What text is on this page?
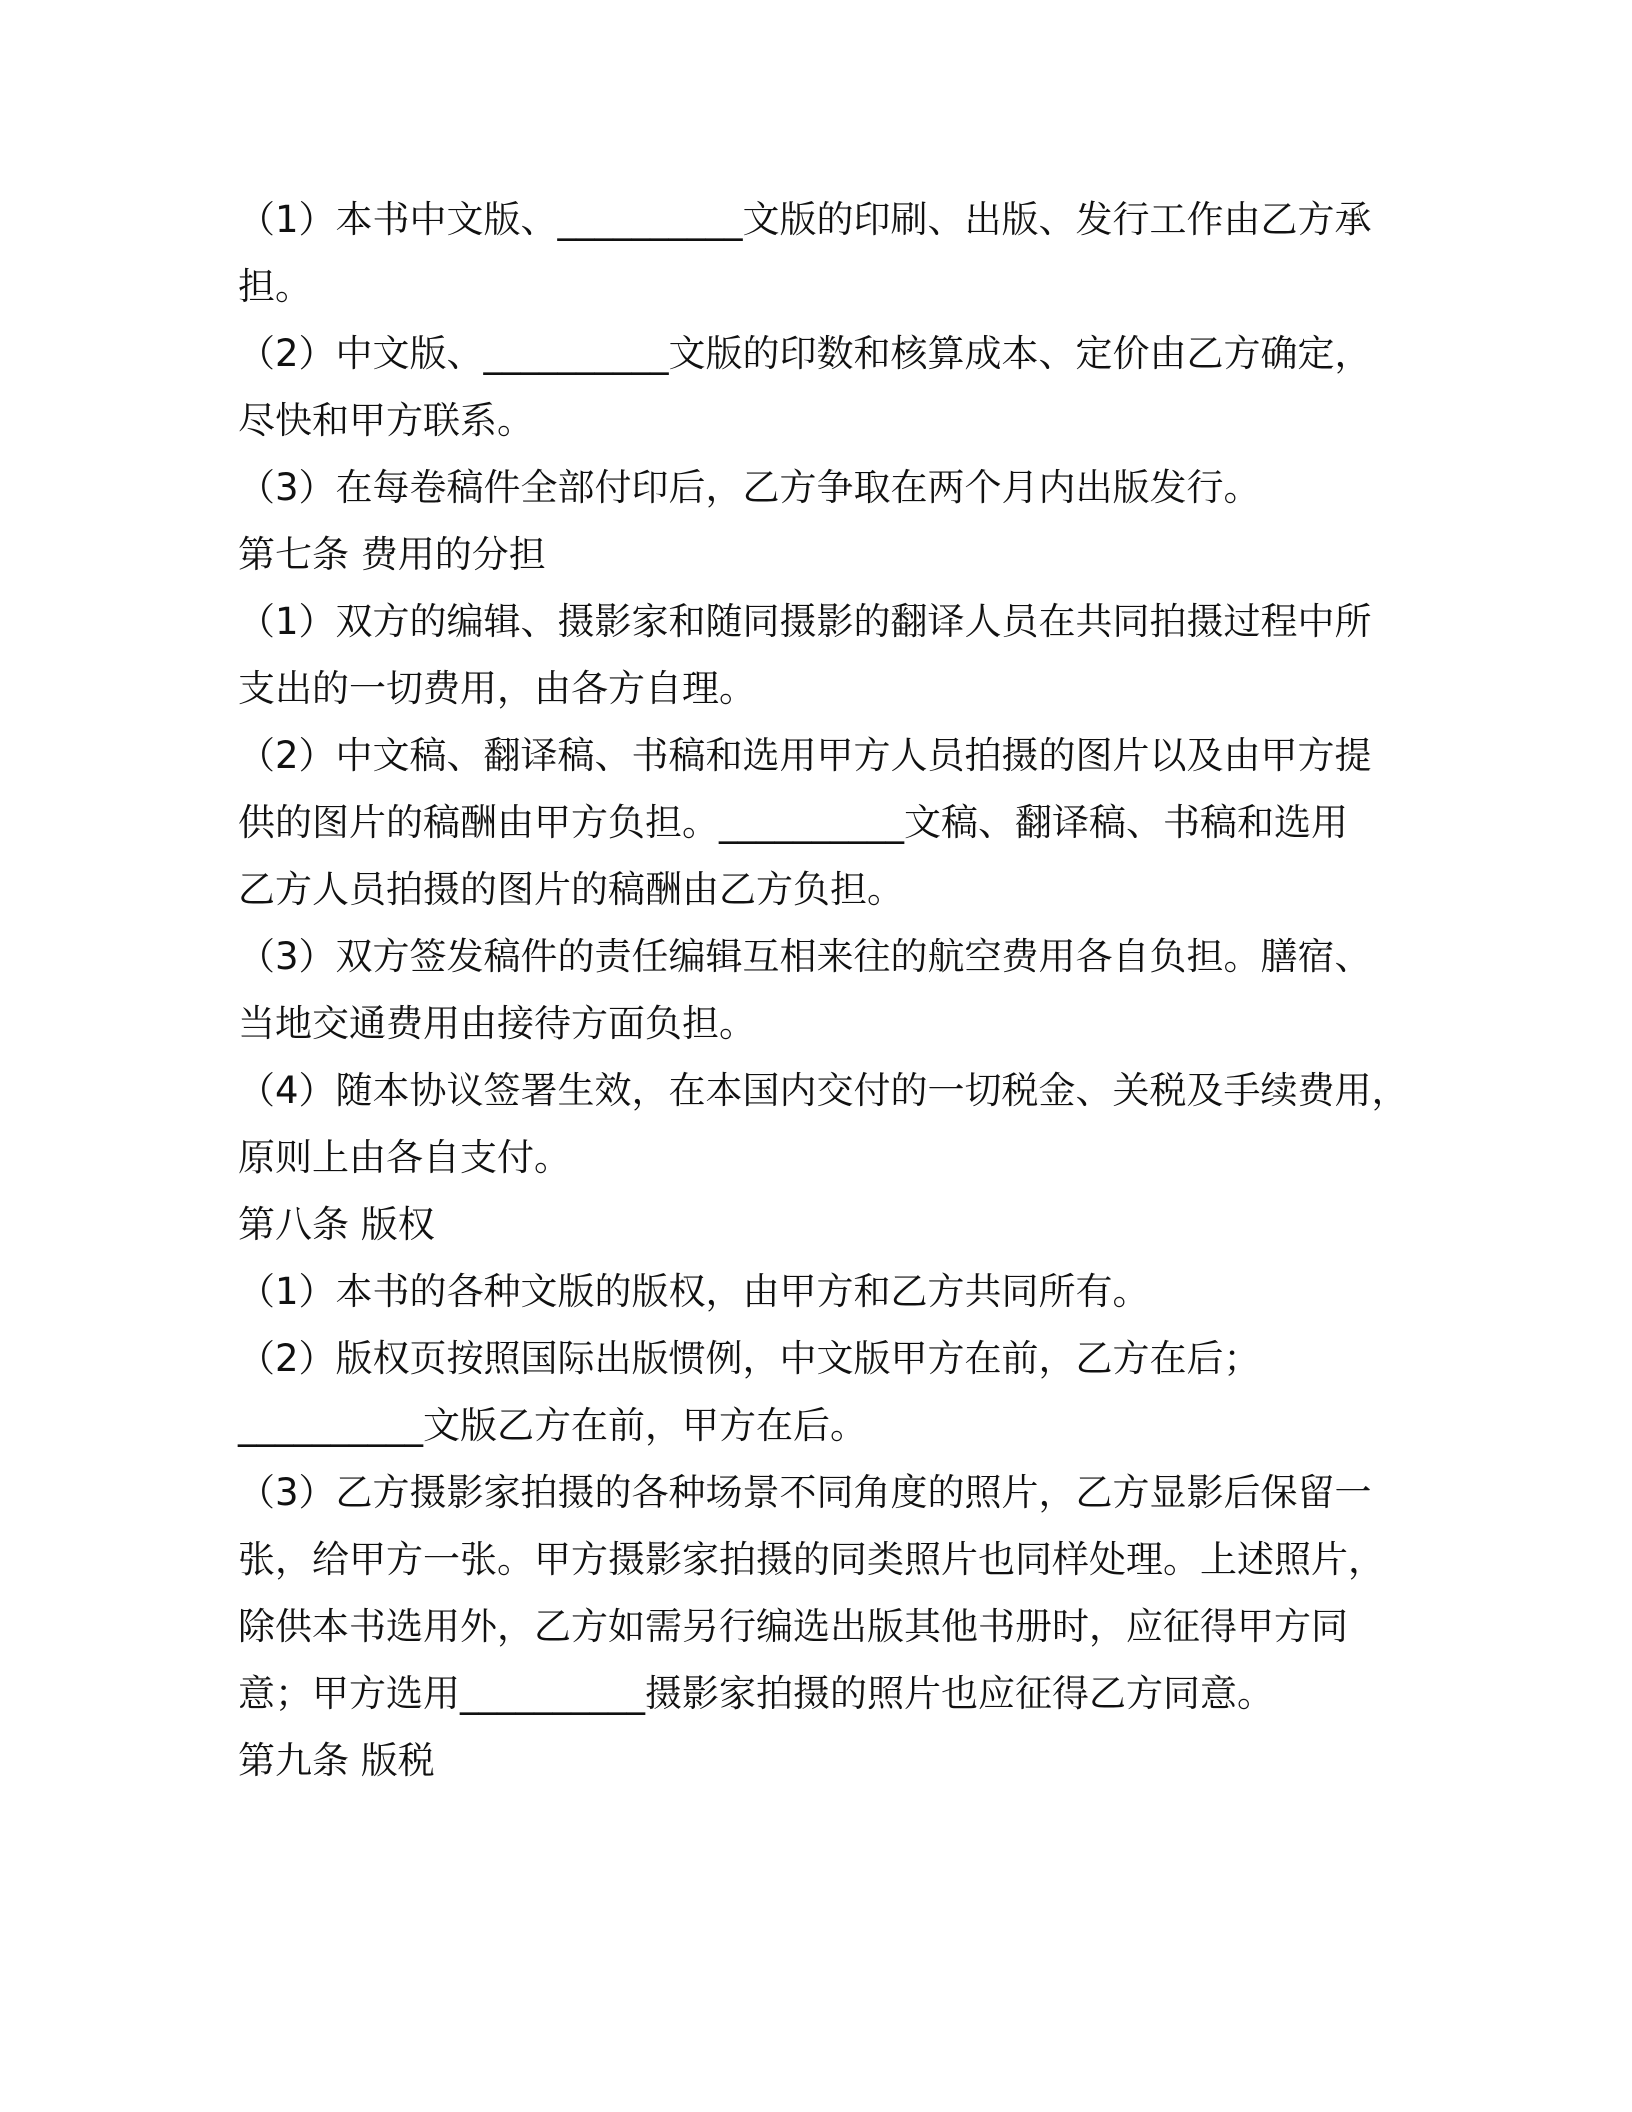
（1）本书中文版、__________文版的印刷、出版、发行工作由乙方承
担。
（2）中文版、__________文版的印数和核算成本、定价由乙方确定，
尽快和甲方联系。
（3）在每卷稿件全部付印后，乙方争取在两个月内出版发行。
第七条 费用的分担
（1）双方的编辑、摄影家和随同摄影的翻译人员在共同拍摄过程中所
支出的一切费用，由各方自理。
（2）中文稿、翻译稿、书稿和选用甲方人员拍摄的图片以及由甲方提
供的图片的稿酬由甲方负担。__________文稿、翻译稿、书稿和选用
乙方人员拍摄的图片的稿酬由乙方负担。
（3）双方签发稿件的责任编辑互相来往的航空费用各自负担。膳宿、
当地交通费用由接待方面负担。
（4）随本协议签署生效，在本国内交付的一切税金、关税及手续费用，
原则上由各自支付。
第八条 版权
（1）本书的各种文版的版权，由甲方和乙方共同所有。
（2）版权页按照国际出版惯例，中文版甲方在前，乙方在后；
__________文版乙方在前，甲方在后。
（3）乙方摄影家拍摄的各种场景不同角度的照片，乙方显影后保留一
张，给甲方一张。甲方摄影家拍摄的同类照片也同样处理。上述照片，
除供本书选用外，乙方如需另行编选出版其他书册时，应征得甲方同
意；甲方选用__________摄影家拍摄的照片也应征得乙方同意。
第九条 版税
